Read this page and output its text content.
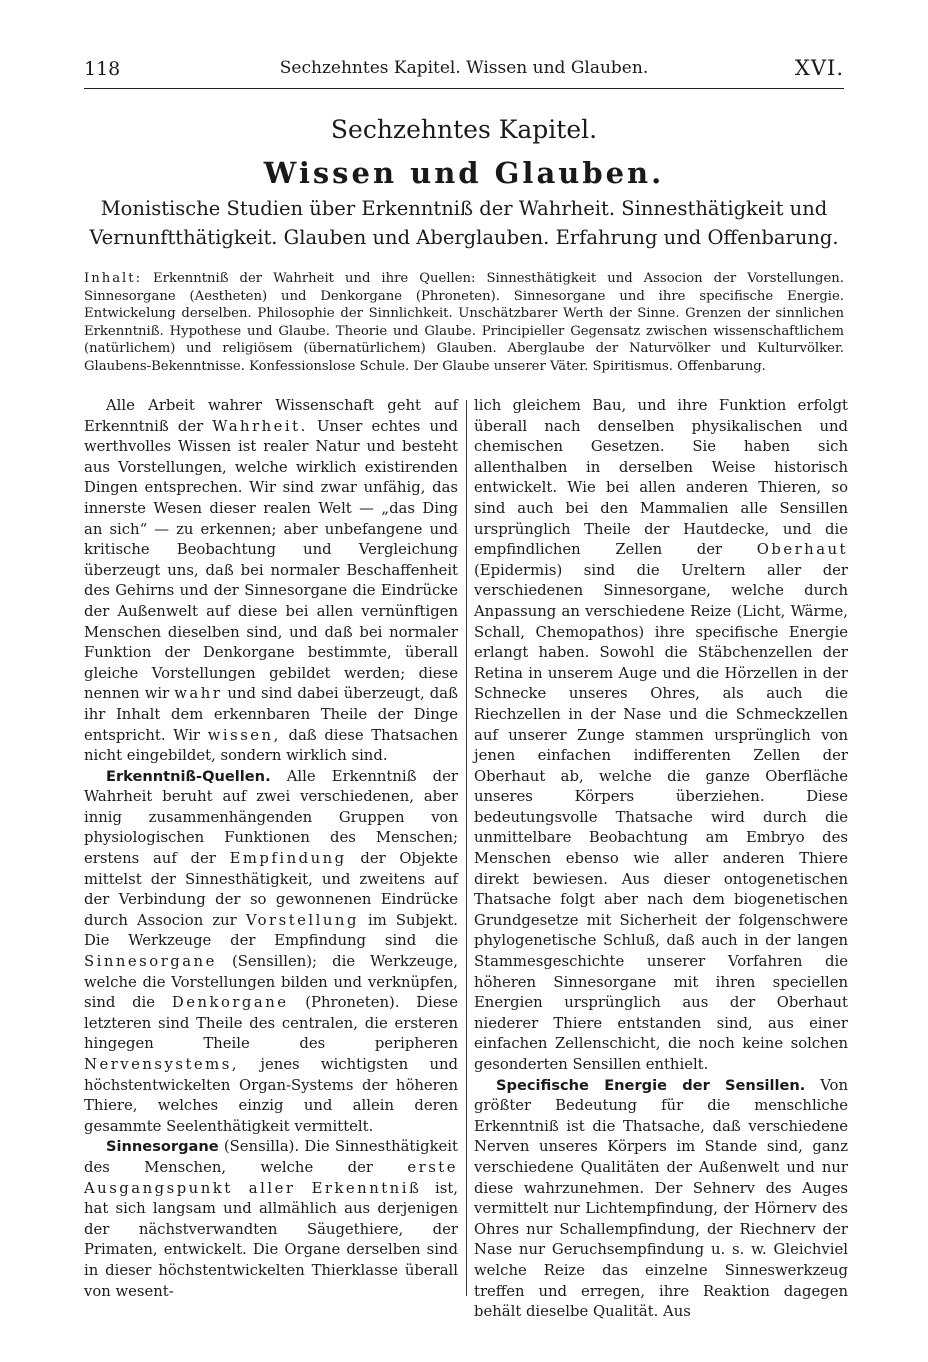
118	Sechzehntes Kapitel. Wissen und Glauben.	XVI.
Sechzehntes Kapitel.
Wissen und Glauben.
Monistische Studien über Erkenntniß der Wahrheit. Sinnesthätigkeit und Vernunftthätigkeit. Glauben und Aberglauben. Erfahrung und Offenbarung.
Inhalt: Erkenntniß der Wahrheit und ihre Quellen: Sinnesthätigkeit und Associon der Vorstellungen. Sinnesorgane (Aestheten) und Denkorgane (Phroneten). Sinnesorgane und ihre specifische Energie. Entwickelung derselben. Philosophie der Sinnlichkeit. Unschätzbarer Werth der Sinne. Grenzen der sinnlichen Erkenntniß. Hypothese und Glaube. Theorie und Glaube. Principieller Gegensatz zwischen wissenschaftlichem (natürlichem) und religiösem (übernatürlichem) Glauben. Aberglaube der Naturvölker und Kulturvölker. Glaubens-Bekenntnisse. Konfessionslose Schule. Der Glaube unserer Väter. Spiritismus. Offenbarung.

Alle Arbeit wahrer Wissenschaft geht auf Erkenntniß der Wahrheit. Unser echtes und werthvolles Wissen ist realer Natur und besteht aus Vorstellungen, welche wirklich existirenden Dingen entsprechen. Wir sind zwar unfähig, das innerste Wesen dieser realen Welt — „das Ding an sich“ — zu erkennen; aber unbefangene und kritische Beobachtung und Vergleichung überzeugt uns, daß bei normaler Beschaffenheit des Gehirns und der Sinnesorgane die Eindrücke der Außenwelt auf diese bei allen vernünftigen Menschen dieselben sind, und daß bei normaler Funktion der Denkorgane bestimmte, überall gleiche Vorstellungen gebildet werden; diese nennen wir wahr und sind dabei überzeugt, daß ihr Inhalt dem erkennbaren Theile der Dinge entspricht. Wir wissen, daß diese Thatsachen nicht eingebildet, sondern wirklich sind.

Erkenntniß-Quellen. Alle Erkenntniß der Wahrheit beruht auf zwei verschiedenen, aber innig zusammenhängenden Gruppen von physiologischen Funktionen des Menschen; erstens auf der Empfindung der Objekte mittelst der Sinnesthätigkeit, und zweitens auf der Verbindung der so gewonnenen Eindrücke durch Associon zur Vorstellung im Subjekt. Die Werkzeuge der Empfindung sind die Sinnesorgane (Sensillen); die Werkzeuge, welche die Vorstellungen bilden und verknüpfen, sind die Denkorgane (Phroneten). Diese letzteren sind Theile des centralen, die ersteren hingegen Theile des peripheren Nervensystems, jenes wichtigsten und höchstentwickelten Organ-Systems der höheren Thiere, welches einzig und allein deren gesammte Seelenthätigkeit vermittelt.

Sinnesorgane (Sensilla). Die Sinnesthätigkeit des Menschen, welche der erste Ausgangspunkt aller Erkenntniß ist, hat sich langsam und allmählich aus derjenigen der nächstverwandten Säugethiere, der Primaten, entwickelt. Die Organe derselben sind in dieser höchstentwickelten Thierklasse überall von wesent-

lich gleichem Bau, und ihre Funktion erfolgt überall nach denselben physikalischen und chemischen Gesetzen. Sie haben sich allenthalben in derselben Weise historisch entwickelt. Wie bei allen anderen Thieren, so sind auch bei den Mammalien alle Sensillen ursprünglich Theile der Hautdecke, und die empfindlichen Zellen der Oberhaut (Epidermis) sind die Ureltern aller der verschiedenen Sinnesorgane, welche durch Anpassung an verschiedene Reize (Licht, Wärme, Schall, Chemopathos) ihre specifische Energie erlangt haben. Sowohl die Stäbchenzellen der Retina in unserem Auge und die Hörzellen in der Schnecke unseres Ohres, als auch die Riechzellen in der Nase und die Schmeckzellen auf unserer Zunge stammen ursprünglich von jenen einfachen indifferenten Zellen der Oberhaut ab, welche die ganze Oberfläche unseres Körpers überziehen. Diese bedeutungsvolle Thatsache wird durch die unmittelbare Beobachtung am Embryo des Menschen ebenso wie aller anderen Thiere direkt bewiesen. Aus dieser ontogenetischen Thatsache folgt aber nach dem biogenetischen Grundgesetze mit Sicherheit der folgenschwere phylogenetische Schluß, daß auch in der langen Stammesgeschichte unserer Vorfahren die höheren Sinnesorgane mit ihren speciellen Energien ursprünglich aus der Oberhaut niederer Thiere entstanden sind, aus einer einfachen Zellenschicht, die noch keine solchen gesonderten Sensillen enthielt.

Specifische Energie der Sensillen. Von größter Bedeutung für die menschliche Erkenntniß ist die Thatsache, daß verschiedene Nerven unseres Körpers im Stande sind, ganz verschiedene Qualitäten der Außenwelt und nur diese wahrzunehmen. Der Sehnerv des Auges vermittelt nur Lichtempfindung, der Hörnerv des Ohres nur Schallempfindung, der Riechnerv der Nase nur Geruchsempfindung u. s. w. Gleichviel welche Reize das einzelne Sinneswerkzeug treffen und erregen, ihre Reaktion dagegen behält dieselbe Qualität. Aus
